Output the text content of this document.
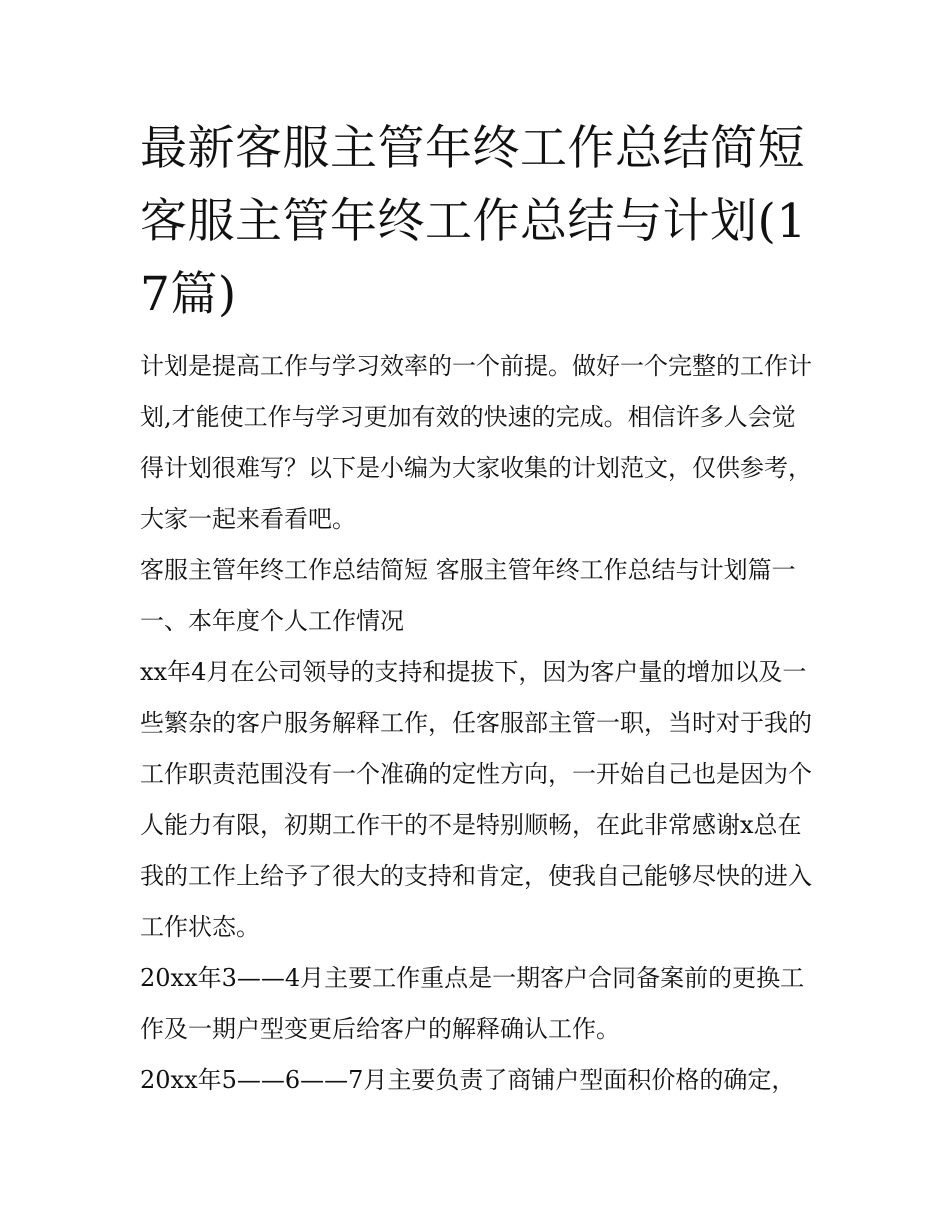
最新客服主管年终工作总结简短 客服主管年终工作总结与计划(17篇)

计划是提高工作与学习效率的一个前提。做好一个完整的工作计划,才能使工作与学习更加有效的快速的完成。相信许多人会觉得计划很难写？以下是小编为大家收集的计划范文，仅供参考，大家一起来看看吧。

客服主管年终工作总结简短 客服主管年终工作总结与计划篇一 一、本年度个人工作情况

xx年4月在公司领导的支持和提拔下，因为客户量的增加以及一些繁杂的客户服务解释工作，任客服部主管一职，当时对于我的工作职责范围没有一个准确的定性方向，一开始自己也是因为个人能力有限，初期工作干的不是特别顺畅，在此非常感谢x总在我的工作上给予了很大的支持和肯定，使我自己能够尽快的进入工作状态。

20xx年3——4月主要工作重点是一期客户合同备案前的更换工作及一期户型变更后给客户的解释确认工作。

20xx年5——6——7月主要负责了商铺户型面积价格的确定，
